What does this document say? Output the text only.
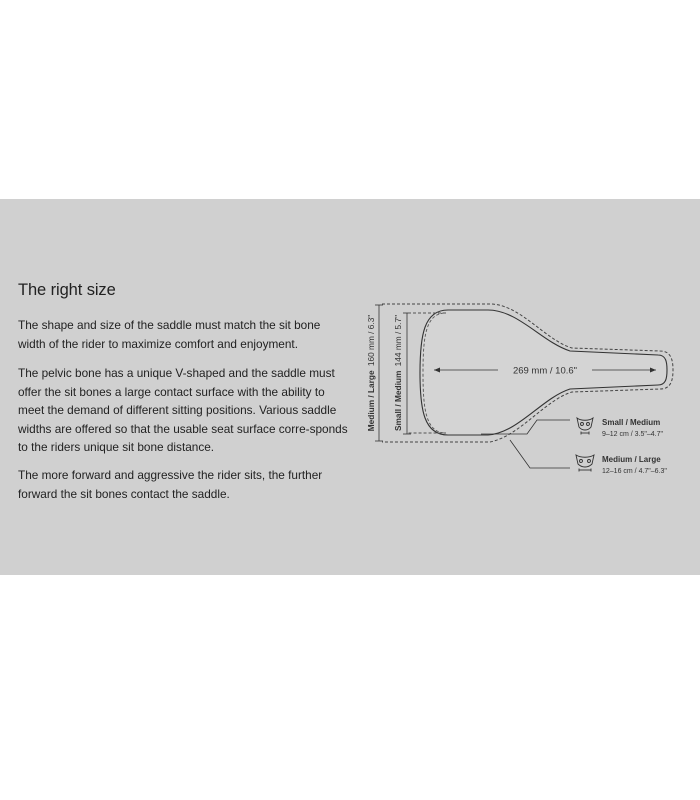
The right size

The shape and size of the saddle must match the sit bone width of the rider to maximize comfort and enjoyment.

The pelvic bone has a unique V-shaped and the saddle must offer the sit bones a large contact surface with the ability to meet the demand of different sitting positions. Various saddle widths are offered so that the usable seat surface corre-sponds to the riders unique sit bone distance.

The more forward and aggressive the rider sits, the further forward the sit bones contact the saddle.

Medium / Large 160 mm / 6.3"
Small / Medium 144 mm / 5.7"
269 mm / 10.6"
Small / Medium
9–12 cm / 3.5"–4.7"
Medium / Large
12–16 cm / 4.7"–6.3"
